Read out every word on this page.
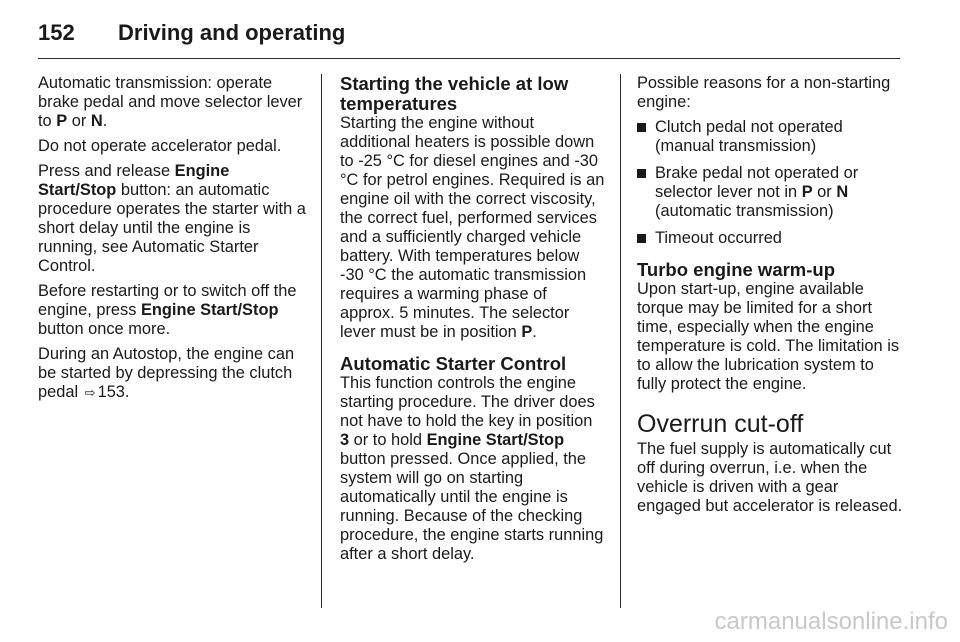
152	Driving and operating

Automatic transmission: operate brake pedal and move selector lever to P or N.

Do not operate accelerator pedal.

Press and release Engine Start/Stop button: an automatic procedure operates the starter with a short delay until the engine is running, see Automatic Starter Control.

Before restarting or to switch off the engine, press Engine Start/Stop button once more.

During an Autostop, the engine can be started by depressing the clutch pedal ⇨ 153.

Starting the vehicle at low temperatures

Starting the engine without additional heaters is possible down to -25 °C for diesel engines and -30 °C for petrol engines. Required is an engine oil with the correct viscosity, the correct fuel, performed services and a sufficiently charged vehicle battery. With temperatures below -30 °C the automatic transmission requires a warming phase of approx. 5 minutes. The selector lever must be in position P.

Automatic Starter Control

This function controls the engine starting procedure. The driver does not have to hold the key in position 3 or to hold Engine Start/Stop button pressed. Once applied, the system will go on starting automatically until the engine is running. Because of the checking procedure, the engine starts running after a short delay.

Possible reasons for a non-starting engine:

Clutch pedal not operated (manual transmission)
Brake pedal not operated or selector lever not in P or N (automatic transmission)
Timeout occurred
Turbo engine warm-up

Upon start-up, engine available torque may be limited for a short time, especially when the engine temperature is cold. The limitation is to allow the lubrication system to fully protect the engine.

Overrun cut-off

The fuel supply is automatically cut off during overrun, i.e. when the vehicle is driven with a gear engaged but accelerator is released.

carmanualsonline.info
